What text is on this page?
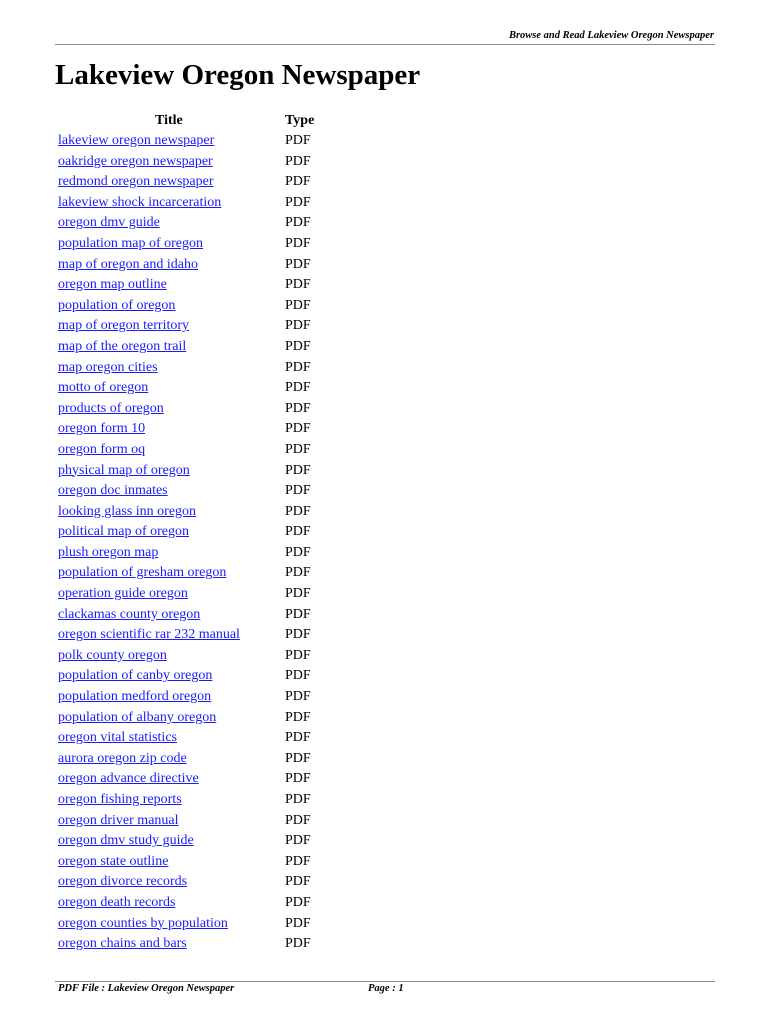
Browse and Read Lakeview Oregon Newspaper
Lakeview Oregon Newspaper
Title	Type
lakeview oregon newspaper	PDF
oakridge oregon newspaper	PDF
redmond oregon newspaper	PDF
lakeview shock incarceration	PDF
oregon dmv guide	PDF
population map of oregon	PDF
map of oregon and idaho	PDF
oregon map outline	PDF
population of oregon	PDF
map of oregon territory	PDF
map of the oregon trail	PDF
map oregon cities	PDF
motto of oregon	PDF
products of oregon	PDF
oregon form 10	PDF
oregon form oq	PDF
physical map of oregon	PDF
oregon doc inmates	PDF
looking glass inn oregon	PDF
political map of oregon	PDF
plush oregon map	PDF
population of gresham oregon	PDF
operation guide oregon	PDF
clackamas county oregon	PDF
oregon scientific rar 232 manual	PDF
polk county oregon	PDF
population of canby oregon	PDF
population medford oregon	PDF
population of albany oregon	PDF
oregon vital statistics	PDF
aurora oregon zip code	PDF
oregon advance directive	PDF
oregon fishing reports	PDF
oregon driver manual	PDF
oregon dmv study guide	PDF
oregon state outline	PDF
oregon divorce records	PDF
oregon death records	PDF
oregon counties by population	PDF
oregon chains and bars	PDF
PDF File : Lakeview Oregon Newspaper	Page : 1
